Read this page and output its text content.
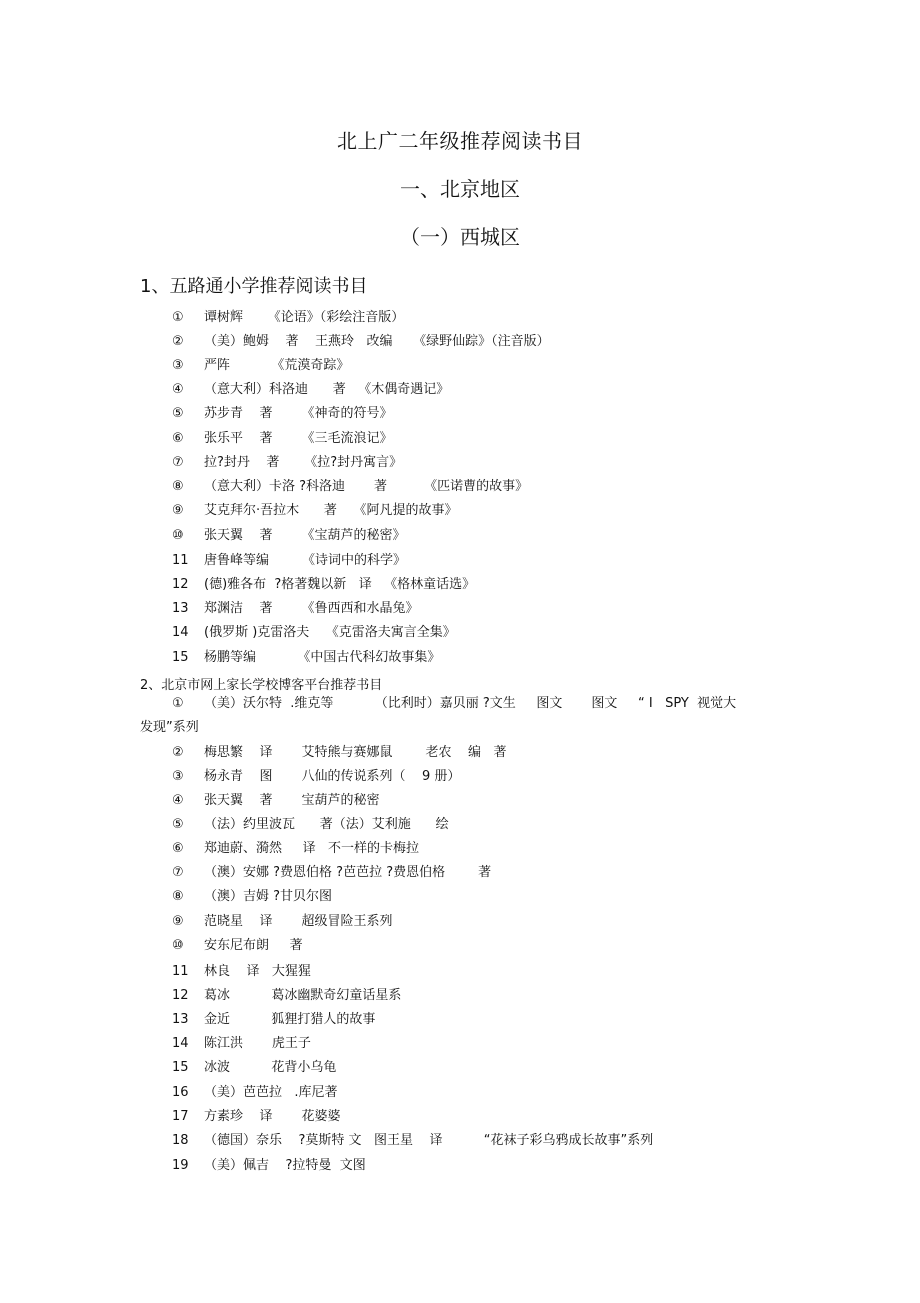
北上广二年级推荐阅读书目
一、北京地区
（一）西城区
1、五路通小学推荐阅读书目
① 谭树辉      《论语》（彩绘注音版）
② （美）鲍姆    著    王燕玲   改编     《绿野仙踪》（注音版）
③ 严阵          《荒漠奇踪》
④ （意大利）科洛迪      著   《木偶奇遇记》
⑤ 苏步青    著       《神奇的符号》
⑥ 张乐平    著       《三毛流浪记》
⑦ 拉?封丹    著      《拉?封丹寓言》
⑧ （意大利）卡洛 ?科洛迪       著         《匹诺曹的故事》
⑨ 艾克拜尔·吾拉木      著    《阿凡提的故事》
⑩ 张天翼    著       《宝葫芦的秘密》
11 唐鲁峰等编        《诗词中的科学》
12 (德)雅各布  ?格著魏以新   译   《格林童话选》
13 郑渊洁    著       《鲁西西和水晶兔》
14 (俄罗斯 )克雷洛夫    《克雷洛夫寓言全集》
15 杨鹏等编          《中国古代科幻故事集》
2、北京市网上家长学校博客平台推荐书目
① （美）沃尔特  .维克等          （比利时）嘉贝丽 ?文生     图文       图文     “ I   SPY  视觉大
发现”系列
② 梅思繁    译       艾特熊与赛娜鼠        老农    编   著
③ 杨永青    图       八仙的传说系列（    9 册）
④ 张天翼    著       宝葫芦的秘密
⑤ （法）约里波瓦      著（法）艾利施      绘
⑥ 郑迪蔚、漪然     译   不一样的卡梅拉
⑦ （澳）安娜 ?费恩伯格 ?芭芭拉 ?费恩伯格        著
⑧ （澳）吉姆 ?甘贝尔图
⑨ 范晓星    译       超级冒险王系列
⑩ 安东尼布朗     著
11 林良    译   大猩猩
12 葛冰          葛冰幽默奇幻童话星系
13 金近          狐狸打猎人的故事
14 陈江洪       虎王子
15 冰波          花背小乌龟
16 （美）芭芭拉   .库尼著
17 方素珍    译       花婆婆
18 （德国）奈乐    ?莫斯特 文   图王星    译          “花袜子彩乌鸦成长故事”系列
19 （美）佩吉    ?拉特曼  文图
